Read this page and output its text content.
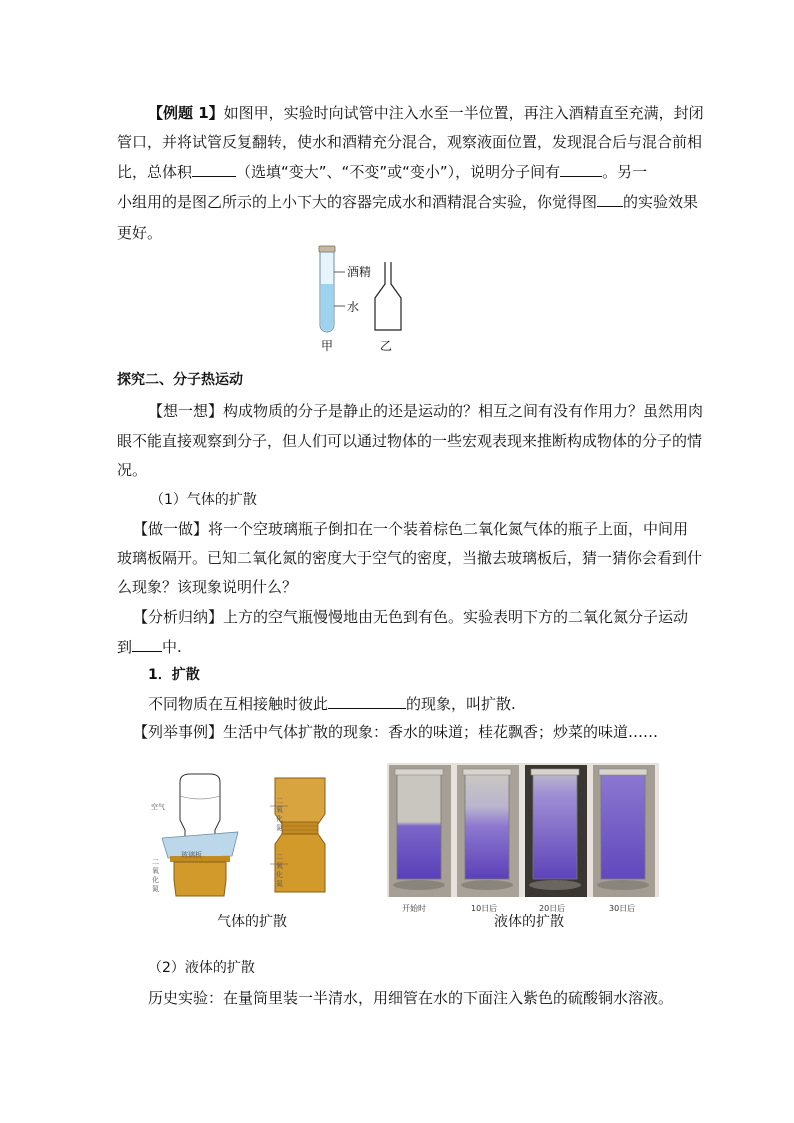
【例题 1】如图甲，实验时向试管中注入水至一半位置，再注入酒精直至充满，封闭
管口，并将试管反复翻转，使水和酒精充分混合，观察液面位置，发现混合后与混合前相
比，总体积	（选填“变大”、“不变”或“变小”），说明分子间有	。另一
小组用的是图乙所示的上小下大的容器完成水和酒精混合实验，你觉得图 的实验效果
更好。
酒精
水
甲	乙
探究二、分子热运动
【想一想】构成物质的分子是静止的还是运动的？相互之间有没有作用力？虽然用肉
眼不能直接观察到分子，但人们可以通过物体的一些宏观表现来推断构成物体的分子的情
况。
（1）气体的扩散
【做一做】将一个空玻璃瓶子倒扣在一个装着棕色二氧化氮气体的瓶子上面，中间用
玻璃板隔开。已知二氧化氮的密度大于空气的密度，当撤去玻璃板后，猜一猜你会看到什
么现象？该现象说明什么？
【分析归纳】上方的空气瓶慢慢地由无色到有色。实验表明下方的二氧化氮分子运动
到 中.
1．扩散
不同物质在互相接触时彼此	的现象，叫扩散.
【列举事例】生活中气体扩散的现象：香水的味道；桂花飘香；炒菜的味道……
空气
玻璃板
二氧化氮
二氧化氮
二氧化氮
气体的扩散
开始时	10日后	20日后	30日后
液体的扩散
（2）液体的扩散
历史实验：在量筒里装一半清水，用细管在水的下面注入紫色的硫酸铜水溶液。
